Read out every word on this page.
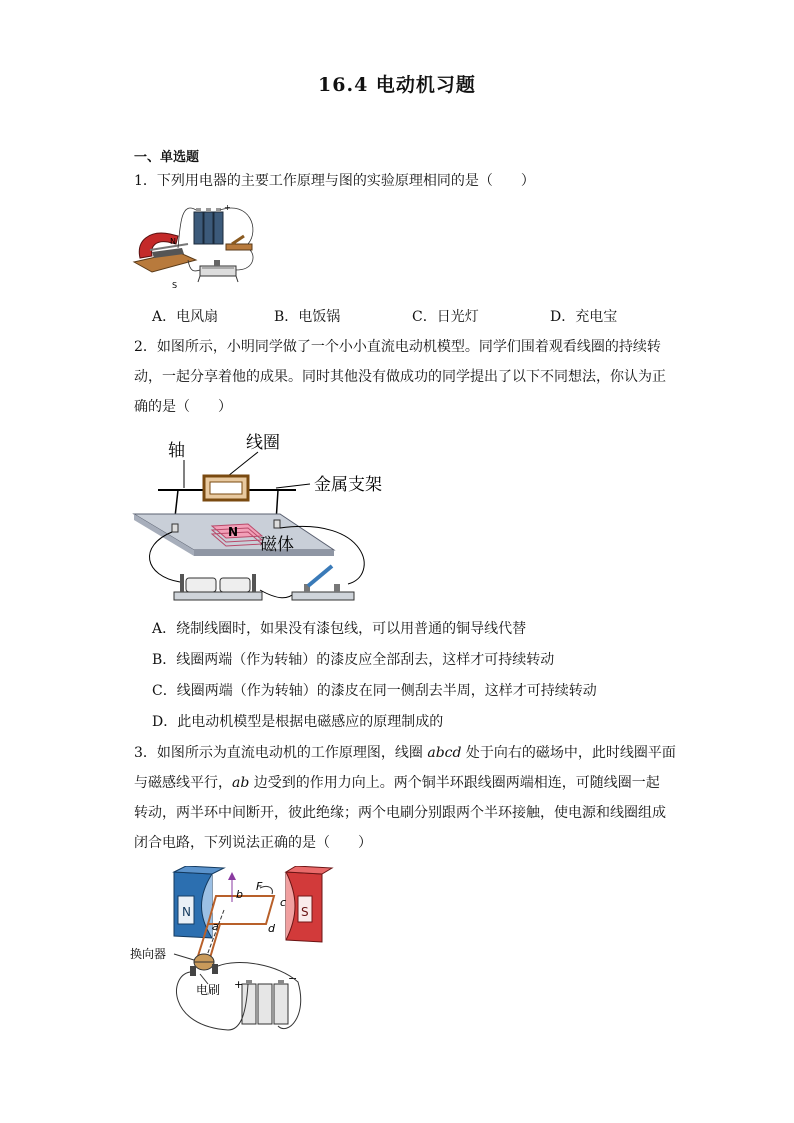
16.4 电动机习题
一、单选题
1．下列用电器的主要工作原理与图的实验原理相同的是（　　）
N
S
+
A．电风扇	B．电饭锅	C．日光灯	D．充电宝
2．如图所示，小明同学做了一个小小直流电动机模型。同学们围着观看线圈的持续转
动，一起分享着他的成果。同时其他没有做成功的同学提出了以下不同想法，你认为正
确的是（　　）
轴	线圈
金属支架
N
磁体
A．绕制线圈时，如果没有漆包线，可以用普通的铜导线代替
B．线圈两端（作为转轴）的漆皮应全部刮去，这样才可持续转动
C．线圈两端（作为转轴）的漆皮在同一侧刮去半周，这样才可持续转动
D．此电动机模型是根据电磁感应的原理制成的
3．如图所示为直流电动机的工作原理图，线圈 abcd 处于向右的磁场中，此时线圈平面
与磁感线平行，ab 边受到的作用力向上。两个铜半环跟线圈两端相连，可随线圈一起
转动，两半环中间断开，彼此绝缘；两个电刷分别跟两个半环接触，使电源和线圈组成
闭合电路，下列说法正确的是（　　）
N	S
F
a
b
c
d
换向器
电刷 +	−
